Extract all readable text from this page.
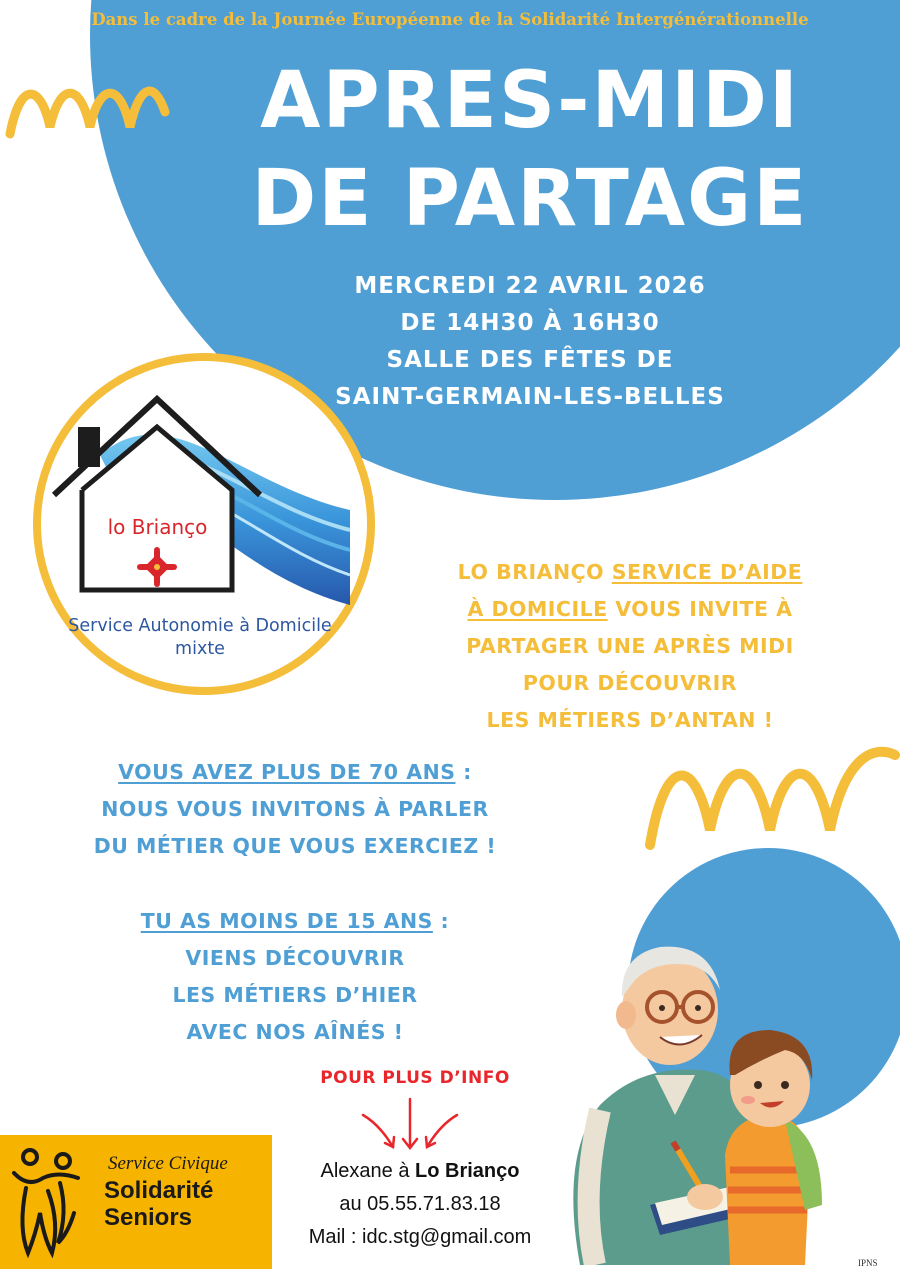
Dans le cadre de la Journée Européenne de la Solidarité Intergénérationnelle
APRES-MIDI
DE PARTAGE
MERCREDI 22 AVRIL 2026
DE 14H30 À 16H30
SALLE DES FÊTES DE
SAINT-GERMAIN-LES-BELLES
lo Brianço
Service Autonomie à Domicile
mixte
LO BRIANÇO SERVICE D’AIDE
À DOMICILE VOUS INVITE À
PARTAGER UNE APRÈS MIDI
POUR DÉCOUVRIR
LES MÉTIERS D’ANTAN !
VOUS AVEZ PLUS DE 70 ANS :
NOUS VOUS INVITONS À PARLER
DU MÉTIER QUE VOUS EXERCIEZ !
TU AS MOINS DE 15 ANS :
VIENS DÉCOUVRIR
LES MÉTIERS D’HIER
AVEC NOS AÎNÉS !
POUR PLUS D’INFO
Alexane à Lo Brianço
au 05.55.71.83.18
Mail : idc.stg@gmail.com
Service Civique
Solidarité
Seniors
IPNS
